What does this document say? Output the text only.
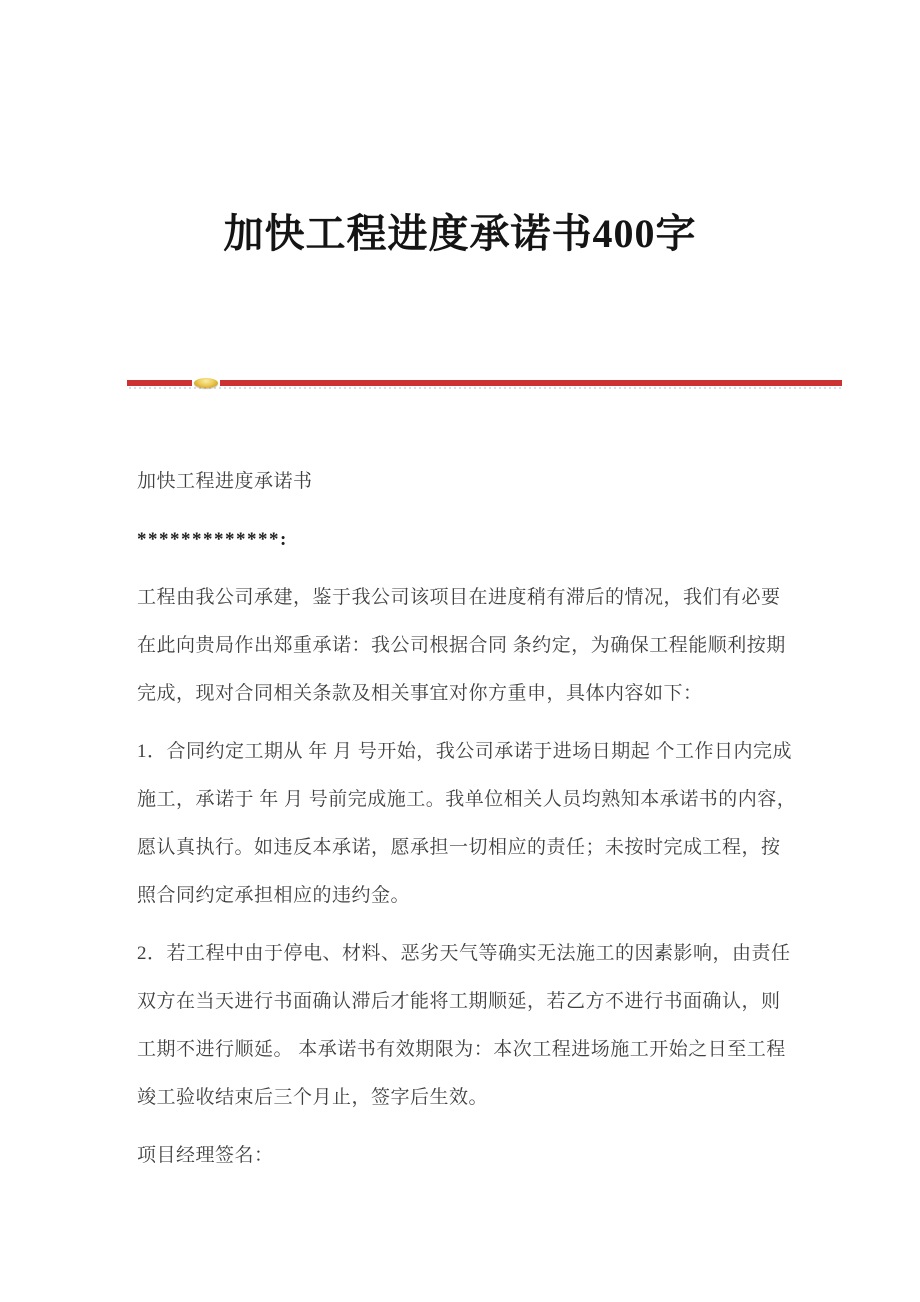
加快工程进度承诺书400字

加快工程进度承诺书

*************:

工程由我公司承建，鉴于我公司该项目在进度稍有滞后的情况，我们有必要在此向贵局作出郑重承诺：我公司根据合同 条约定，为确保工程能顺利按期完成，现对合同相关条款及相关事宜对你方重申，具体内容如下：

1．合同约定工期从 年 月 号开始，我公司承诺于进场日期起 个工作日内完成施工，承诺于 年 月 号前完成施工。我单位相关人员均熟知本承诺书的内容，愿认真执行。如违反本承诺，愿承担一切相应的责任；未按时完成工程，按照合同约定承担相应的违约金。

2．若工程中由于停电、材料、恶劣天气等确实无法施工的因素影响，由责任双方在当天进行书面确认滞后才能将工期顺延，若乙方不进行书面确认，则工期不进行顺延。 本承诺书有效期限为：本次工程进场施工开始之日至工程竣工验收结束后三个月止，签字后生效。

项目经理签名：
